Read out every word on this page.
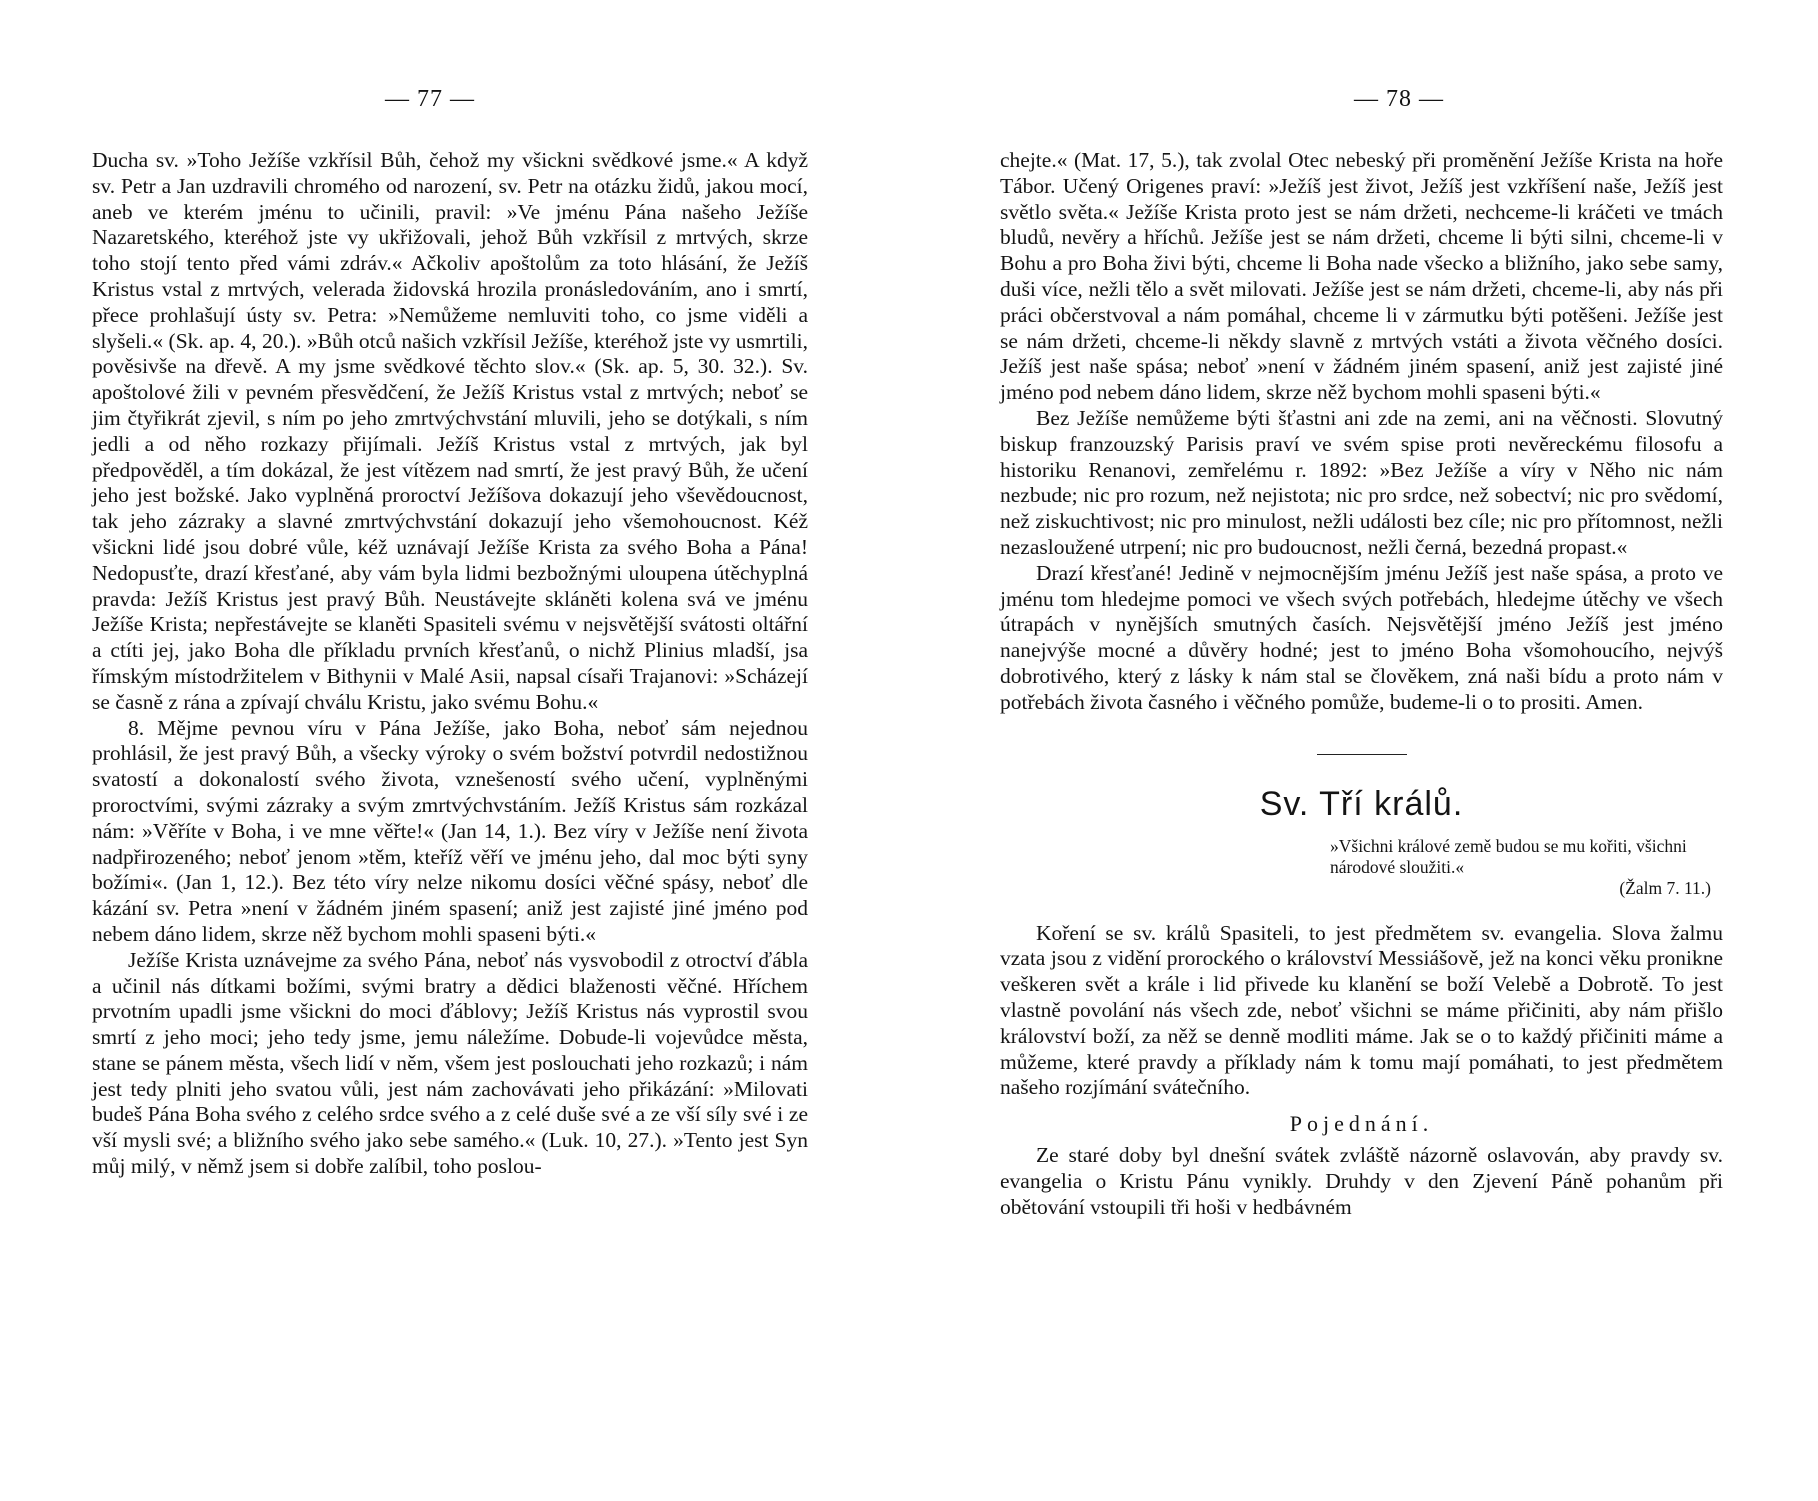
— 77 —

Ducha sv. »Toho Ježíše vzkřísil Bůh, čehož my všickni svědkové jsme.« A když sv. Petr a Jan uzdravili chromého od narození, sv. Petr na otázku židů, jakou mocí, aneb ve kterém jménu to učinili, pravil: »Ve jménu Pána našeho Ježíše Nazaretského, kteréhož jste vy ukřižovali, jehož Bůh vzkřísil z mrtvých, skrze toho stojí tento před vámi zdráv.« Ačkoliv apoštolům za toto hlásání, že Ježíš Kristus vstal z mrtvých, velerada židovská hrozila pronásledováním, ano i smrtí, přece prohlašují ústy sv. Petra: »Nemůžeme nemluviti toho, co jsme viděli a slyšeli.« (Sk. ap. 4, 20.). »Bůh otců našich vzkřísil Ježíše, kteréhož jste vy usmrtili, pověsivše na dřevě. A my jsme svědkové těchto slov.« (Sk. ap. 5, 30. 32.). Sv. apoštolové žili v pevném přesvědčení, že Ježíš Kristus vstal z mrtvých; neboť se jim čtyřikrát zjevil, s ním po jeho zmrtvýchvstání mluvili, jeho se dotýkali, s ním jedli a od něho rozkazy přijímali. Ježíš Kristus vstal z mrtvých, jak byl předpověděl, a tím dokázal, že jest vítězem nad smrtí, že jest pravý Bůh, že učení jeho jest božské. Jako vyplněná proroctví Ježíšova dokazují jeho vševědoucnost, tak jeho zázraky a slavné zmrtvýchvstání dokazují jeho všemohoucnost. Kéž všickni lidé jsou dobré vůle, kéž uznávají Ježíše Krista za svého Boha a Pána! Nedopusťte, drazí křesťané, aby vám byla lidmi bezbožnými uloupena útěchyplná pravda: Ježíš Kristus jest pravý Bůh. Neustávejte skláněti kolena svá ve jménu Ježíše Krista; nepřestávejte se klaněti Spasiteli svému v nejsvětější svátosti oltářní a ctíti jej, jako Boha dle příkladu prvních křesťanů, o nichž Plinius mladší, jsa římským místodržitelem v Bithynii v Malé Asii, napsal císaři Trajanovi: »Scházejí se časně z rána a zpívají chválu Kristu, jako svému Bohu.«

8. Mějme pevnou víru v Pána Ježíše, jako Boha, neboť sám nejednou prohlásil, že jest pravý Bůh, a všecky výroky o svém božství potvrdil nedostižnou svatostí a dokonalostí svého života, vznešeností svého učení, vyplněnými proroctvími, svými zázraky a svým zmrtvýchvstáním. Ježíš Kristus sám rozkázal nám: »Věříte v Boha, i ve mne věřte!« (Jan 14, 1.). Bez víry v Ježíše není života nadpřirozeného; neboť jenom »těm, kteříž věří ve jménu jeho, dal moc býti syny božími«. (Jan 1, 12.). Bez této víry nelze nikomu dosíci věčné spásy, neboť dle kázání sv. Petra »není v žádném jiném spasení; aniž jest zajisté jiné jméno pod nebem dáno lidem, skrze něž bychom mohli spaseni býti.«

Ježíše Krista uznávejme za svého Pána, neboť nás vysvobodil z otroctví ďábla a učinil nás dítkami božími, svými bratry a dědici blaženosti věčné. Hříchem prvotním upadli jsme všickni do moci ďáblovy; Ježíš Kristus nás vyprostil svou smrtí z jeho moci; jeho tedy jsme, jemu náležíme. Dobude-li vojevůdce města, stane se pánem města, všech lidí v něm, všem jest poslouchati jeho rozkazů; i nám jest tedy plniti jeho svatou vůli, jest nám zachovávati jeho přikázání: »Milovati budeš Pána Boha svého z celého srdce svého a z celé duše své a ze vší síly své i ze vší mysli své; a bližního svého jako sebe samého.« (Luk. 10, 27.). »Tento jest Syn můj milý, v němž jsem si dobře zalíbil, toho poslou-

— 78 —

chejte.« (Mat. 17, 5.), tak zvolal Otec nebeský při proměnění Ježíše Krista na hoře Tábor. Učený Origenes praví: »Ježíš jest život, Ježíš jest vzkříšení naše, Ježíš jest světlo světa.« Ježíše Krista proto jest se nám držeti, nechceme-li kráčeti ve tmách bludů, nevěry a hříchů. Ježíše jest se nám držeti, chceme li býti silni, chceme-li v Bohu a pro Boha živi býti, chceme li Boha nade všecko a bližního, jako sebe samy, duši více, nežli tělo a svět milovati. Ježíše jest se nám držeti, chceme-li, aby nás při práci občerstvoval a nám pomáhal, chceme li v zármutku býti potěšeni. Ježíše jest se nám držeti, chceme-li někdy slavně z mrtvých vstáti a života věčného dosíci. Ježíš jest naše spása; neboť »není v žádném jiném spasení, aniž jest zajisté jiné jméno pod nebem dáno lidem, skrze něž bychom mohli spaseni býti.«

Bez Ježíše nemůžeme býti šťastni ani zde na zemi, ani na věčnosti. Slovutný biskup franzouzský Parisis praví ve svém spise proti nevěreckému filosofu a historiku Renanovi, zemřelému r. 1892: »Bez Ježíše a víry v Něho nic nám nezbude; nic pro rozum, než nejistota; nic pro srdce, než sobectví; nic pro svědomí, než ziskuchtivost; nic pro minulost, nežli události bez cíle; nic pro přítomnost, nežli nezasloužené utrpení; nic pro budoucnost, nežli černá, bezedná propast.«

Drazí křesťané! Jedině v nejmocnějším jménu Ježíš jest naše spása, a proto ve jménu tom hledejme pomoci ve všech svých potřebách, hledejme útěchy ve všech útrapách v nynějších smutných časích. Nejsvětější jméno Ježíš jest jméno nanejvýše mocné a důvěry hodné; jest to jméno Boha všomohoucího, nejvýš dobrotivého, který z lásky k nám stal se člověkem, zná naši bídu a proto nám v potřebách života časného i věčného pomůže, budeme-li o to prositi. Amen.

Sv. Tří králů.
»Všichni králové země budou se mu kořiti, všichni národové sloužiti.«
(Žalm 7. 11.)

Koření se sv. králů Spasiteli, to jest předmětem sv. evangelia. Slova žalmu vzata jsou z vidění prorockého o království Messiášově, jež na konci věku pronikne veškeren svět a krále i lid přivede ku klanění se boží Velebě a Dobrotě. To jest vlastně povolání nás všech zde, neboť všichni se máme přičiniti, aby nám přišlo království boží, za něž se denně modliti máme. Jak se o to každý přičiniti máme a můžeme, které pravdy a příklady nám k tomu mají pomáhati, to jest předmětem našeho rozjímání svátečního.

Pojednání.

Ze staré doby byl dnešní svátek zvláště názorně oslavován, aby pravdy sv. evangelia o Kristu Pánu vynikly. Druhdy v den Zjevení Páně pohanům při obětování vstoupili tři hoši v hedbávném
